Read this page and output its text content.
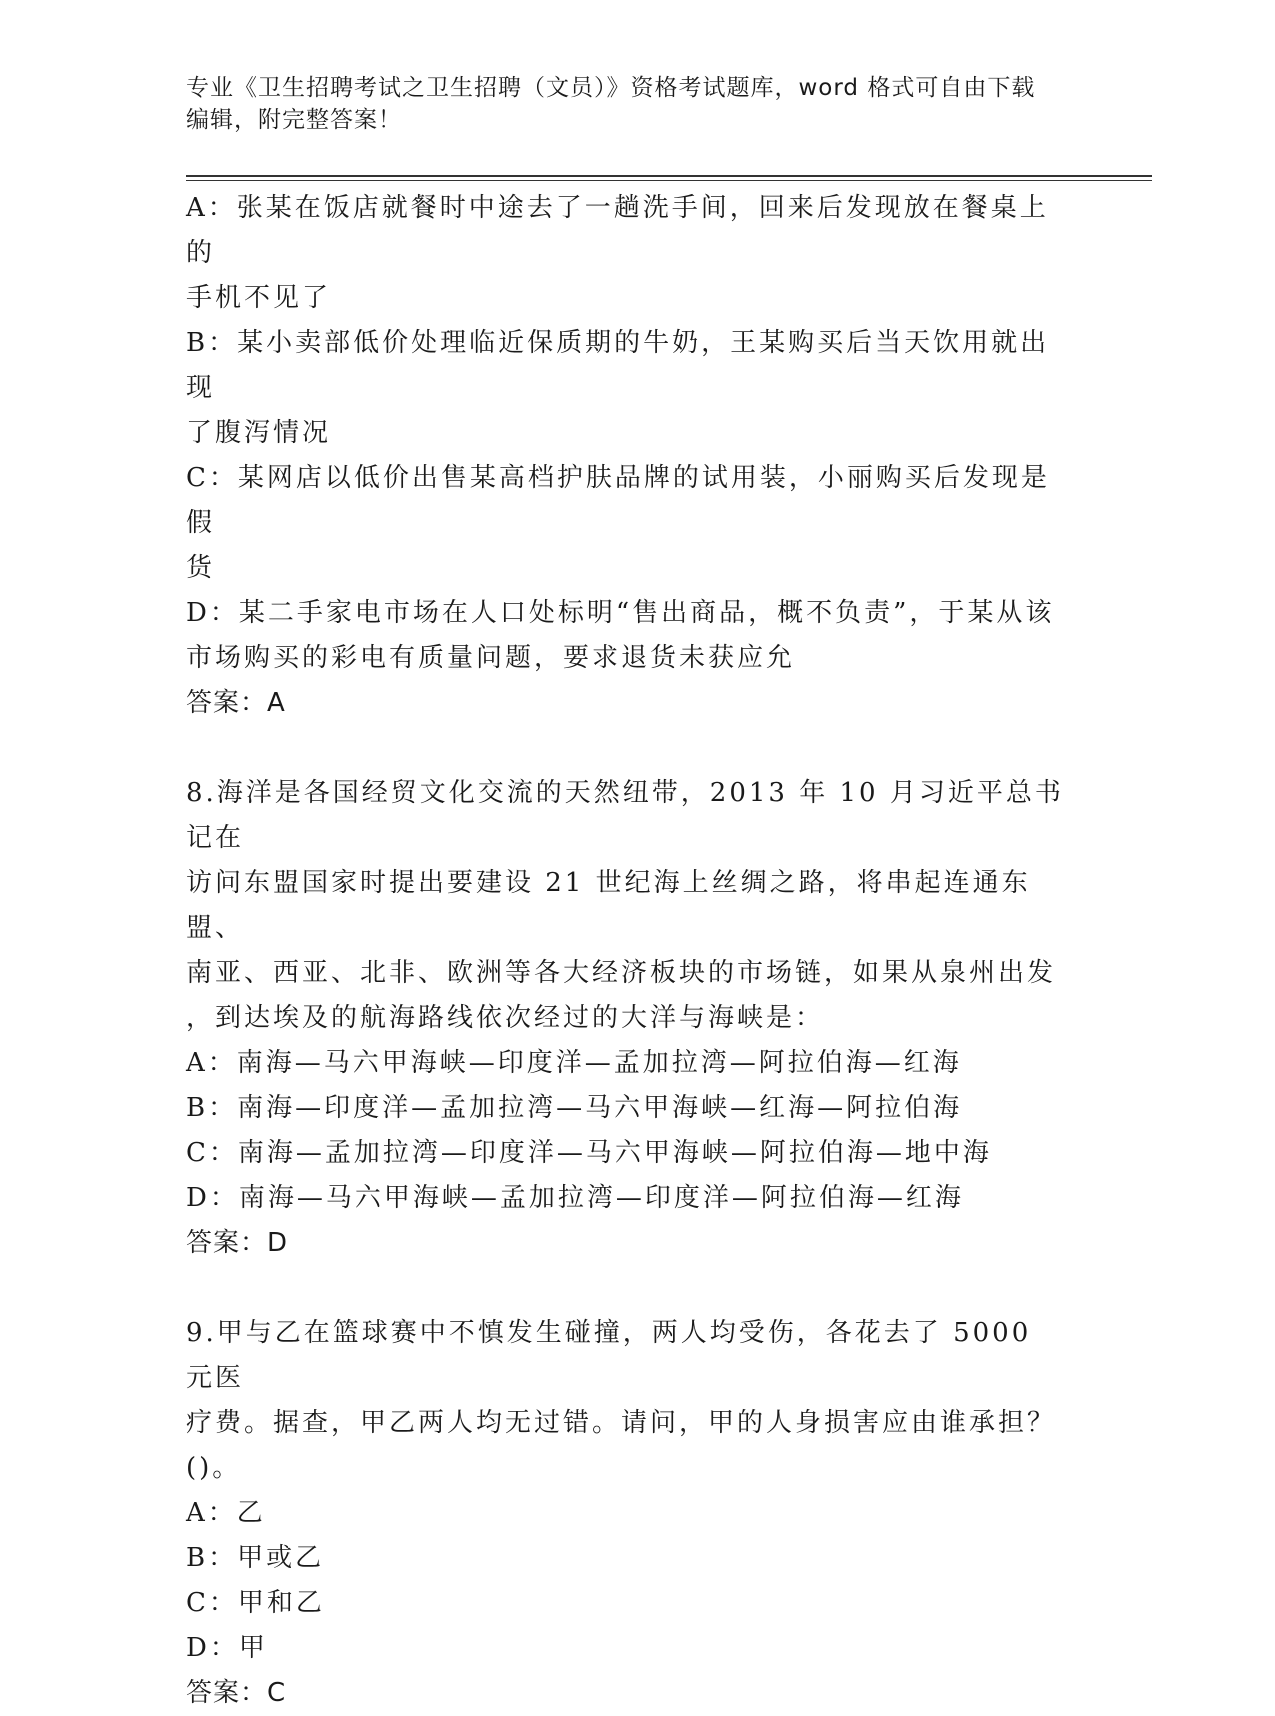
专业《卫生招聘考试之卫生招聘（文员）》资格考试题库，word 格式可自由下载
编辑，附完整答案！
A：张某在饭店就餐时中途去了一趟洗手间，回来后发现放在餐桌上的
手机不见了
B：某小卖部低价处理临近保质期的牛奶，王某购买后当天饮用就出现
了腹泻情况
C：某网店以低价出售某高档护肤品牌的试用装，小丽购买后发现是假
货
D：某二手家电市场在人口处标明“售出商品，概不负责”，于某从该
市场购买的彩电有质量问题，要求退货未获应允
答案：A
8.海洋是各国经贸文化交流的天然纽带，2013 年 10 月习近平总书记在
访问东盟国家时提出要建设 21 世纪海上丝绸之路，将串起连通东盟、
南亚、西亚、北非、欧洲等各大经济板块的市场链，如果从泉州出发
，到达埃及的航海路线依次经过的大洋与海峡是：
A：南海—马六甲海峡—印度洋—孟加拉湾—阿拉伯海—红海
B：南海—印度洋—孟加拉湾—马六甲海峡—红海—阿拉伯海
C：南海—孟加拉湾—印度洋—马六甲海峡—阿拉伯海—地中海
D：南海—马六甲海峡—孟加拉湾—印度洋—阿拉伯海—红海
答案：D
9.甲与乙在篮球赛中不慎发生碰撞，两人均受伤，各花去了 5000 元医
疗费。据查，甲乙两人均无过错。请问，甲的人身损害应由谁承担？
()。
A：乙
B：甲或乙
C：甲和乙
D：甲
答案：C
